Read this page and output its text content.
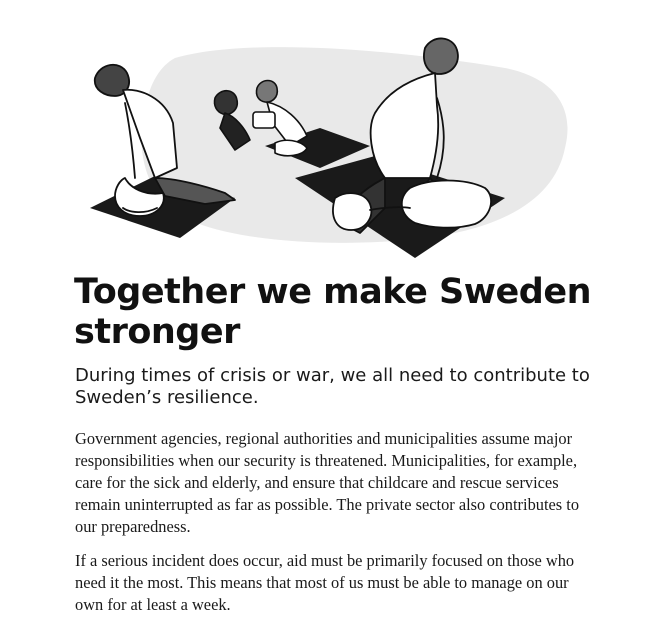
Together we make Sweden stronger

During times of crisis or war, we all need to contribute to Sweden’s resilience.

Government agencies, regional authorities and municipalities assume major responsibilities when our security is threatened. Municipalities, for example, care for the sick and elderly, and ensure that childcare and rescue services remain uninterrupted as far as possible. The private sector also contributes to our preparedness.

If a serious incident does occur, aid must be primarily focused on those who need it the most. This means that most of us must be able to manage on our own for at least a week.
